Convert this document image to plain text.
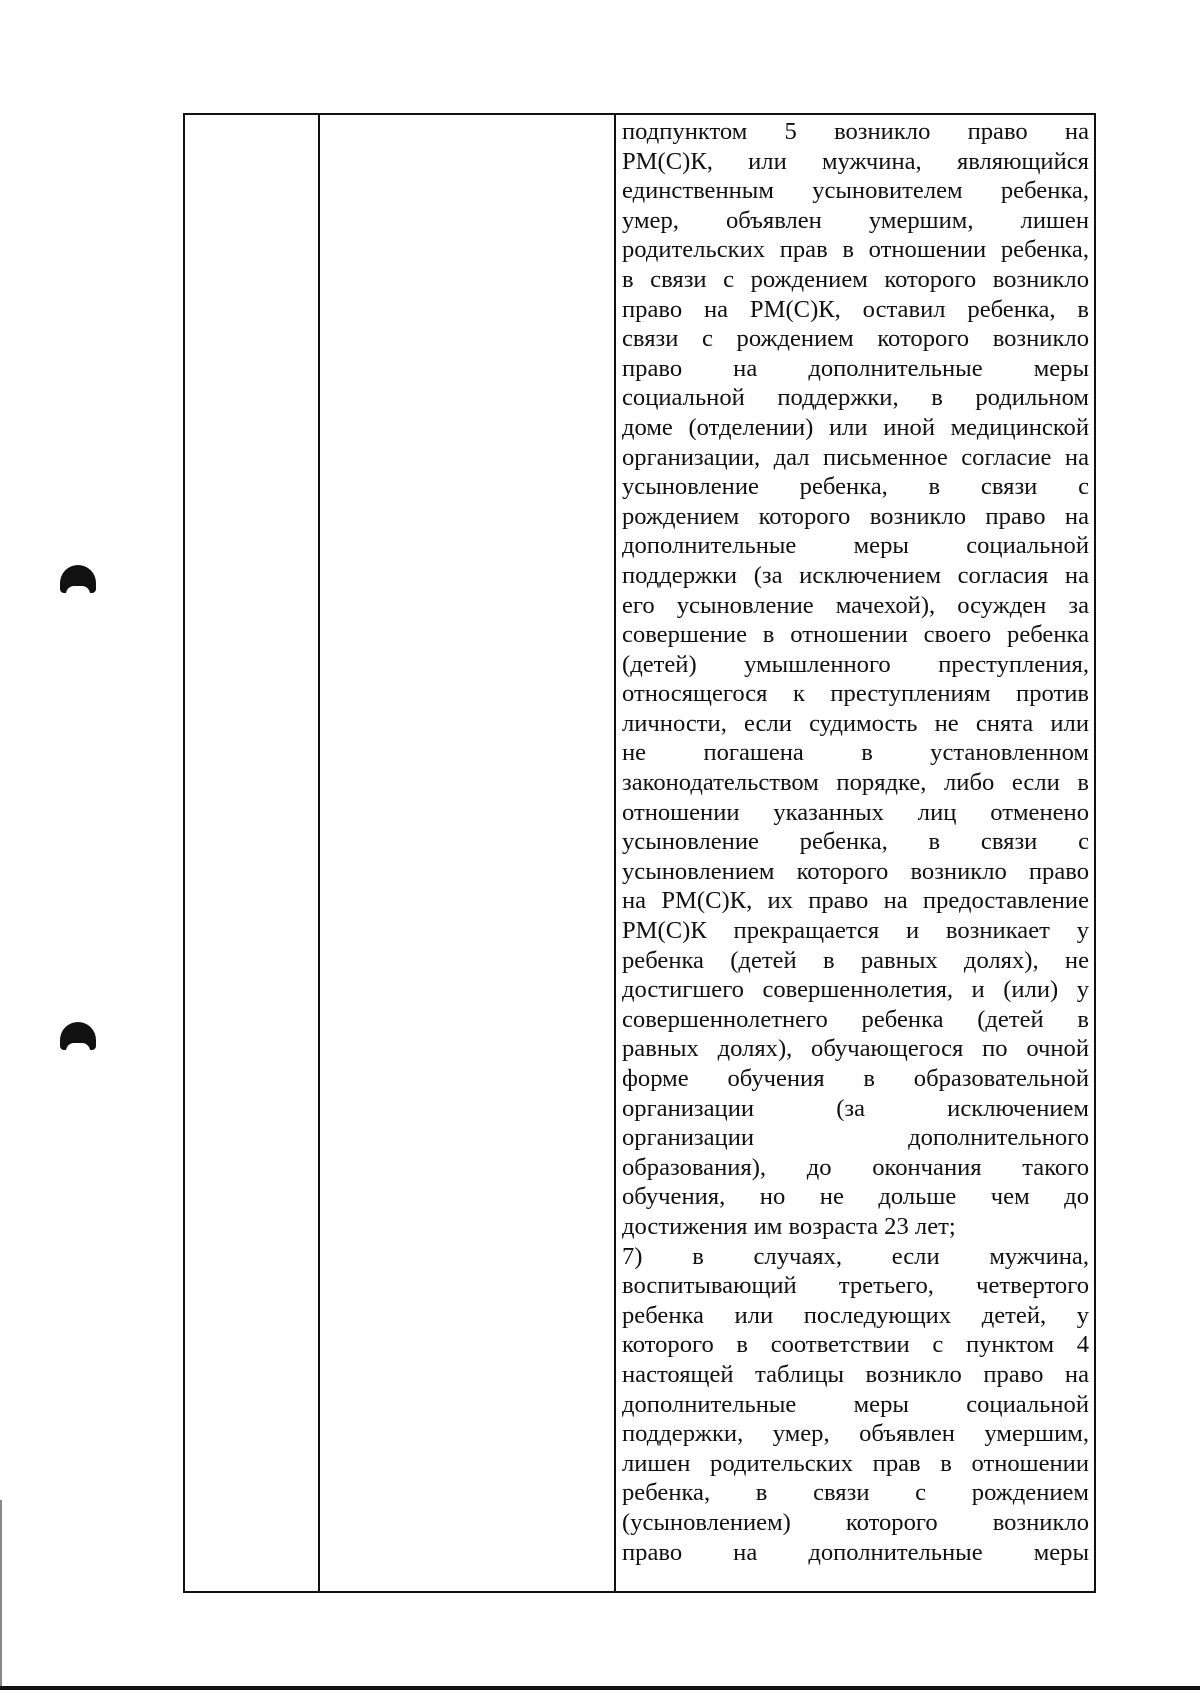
подпунктом 5 возникло право на
РМ(С)К, или мужчина, являющийся
единственным усыновителем ребенка,
умер, объявлен умершим, лишен
родительских прав в отношении ребенка,
в связи с рождением которого возникло
право на РМ(С)К, оставил ребенка, в
связи с рождением которого возникло
право на дополнительные меры
социальной поддержки, в родильном
доме (отделении) или иной медицинской
организации, дал письменное согласие на
усыновление ребенка, в связи с
рождением которого возникло право на
дополнительные меры социальной
поддержки (за исключением согласия на
его усыновление мачехой), осужден за
совершение в отношении своего ребенка
(детей) умышленного преступления,
относящегося к преступлениям против
личности, если судимость не снята или
не погашена в установленном
законодательством порядке, либо если в
отношении указанных лиц отменено
усыновление ребенка, в связи с
усыновлением которого возникло право
на РМ(С)К, их право на предоставление
РМ(С)К прекращается и возникает у
ребенка (детей в равных долях), не
достигшего совершеннолетия, и (или) у
совершеннолетнего ребенка (детей в
равных долях), обучающегося по очной
форме обучения в образовательной
организации (за исключением
организации дополнительного
образования), до окончания такого
обучения, но не дольше чем до
достижения им возраста 23 лет;
7) в случаях, если мужчина,
воспитывающий третьего, четвертого
ребенка или последующих детей, у
которого в соответствии с пунктом 4
настоящей таблицы возникло право на
дополнительные меры социальной
поддержки, умер, объявлен умершим,
лишен родительских прав в отношении
ребенка, в связи с рождением
(усыновлением) которого возникло
право на дополнительные меры
